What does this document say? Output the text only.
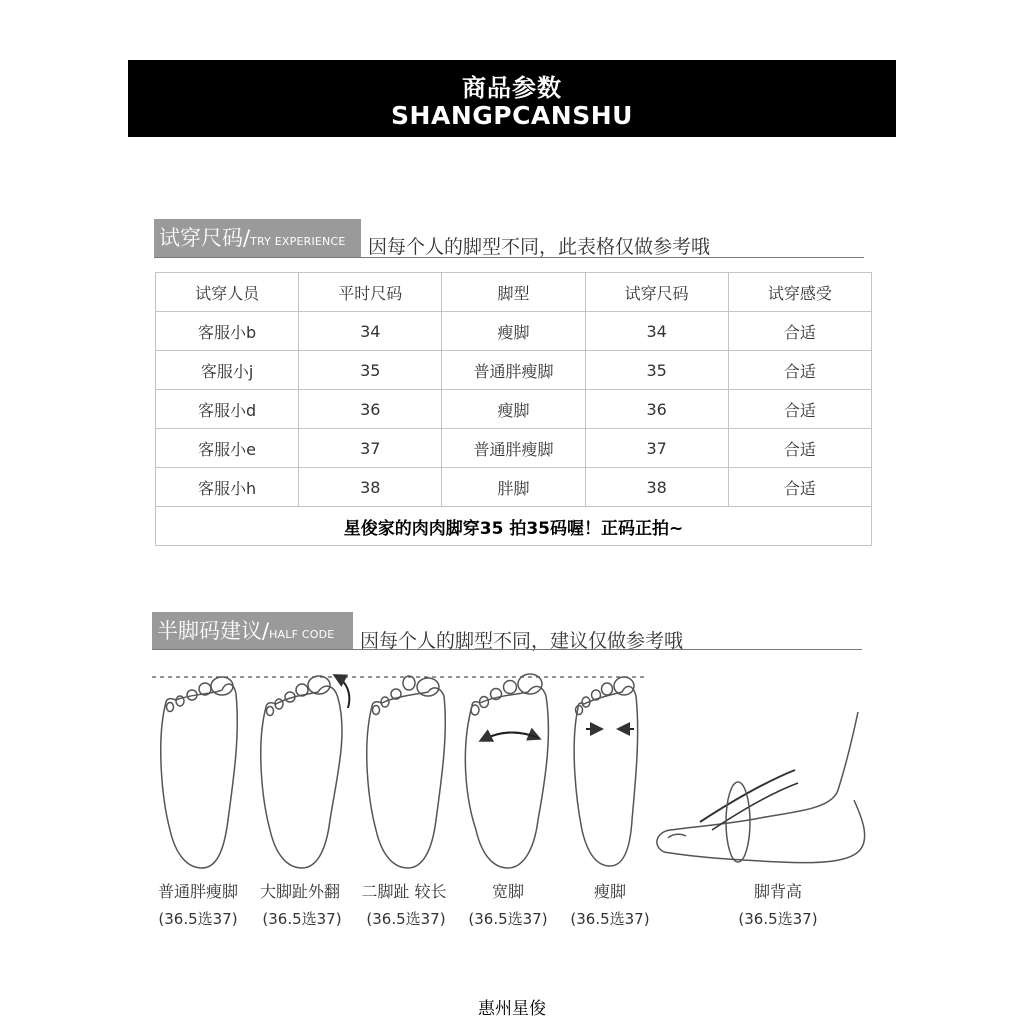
商品参数
SHANGPCANSHU
试穿尺码/TRY EXPERIENCE	因每个人的脚型不同，此表格仅做参考哦
试穿人员	平时尺码	脚型	试穿尺码	试穿感受
客服小b	34	瘦脚	34	合适
客服小j	35	普通胖瘦脚	35	合适
客服小d	36	瘦脚	36	合适
客服小e	37	普通胖瘦脚	37	合适
客服小h	38	胖脚	38	合适
星俊家的肉肉脚穿35 拍35码喔！正码正拍~				
半脚码建议/HALF CODE	因每个人的脚型不同，建议仅做参考哦
普通胖瘦脚
(36.5选37)
大脚趾外翻
(36.5选37)
二脚趾 较长
(36.5选37)
宽脚
(36.5选37)
瘦脚
(36.5选37)
脚背高
(36.5选37)
惠州星俊
